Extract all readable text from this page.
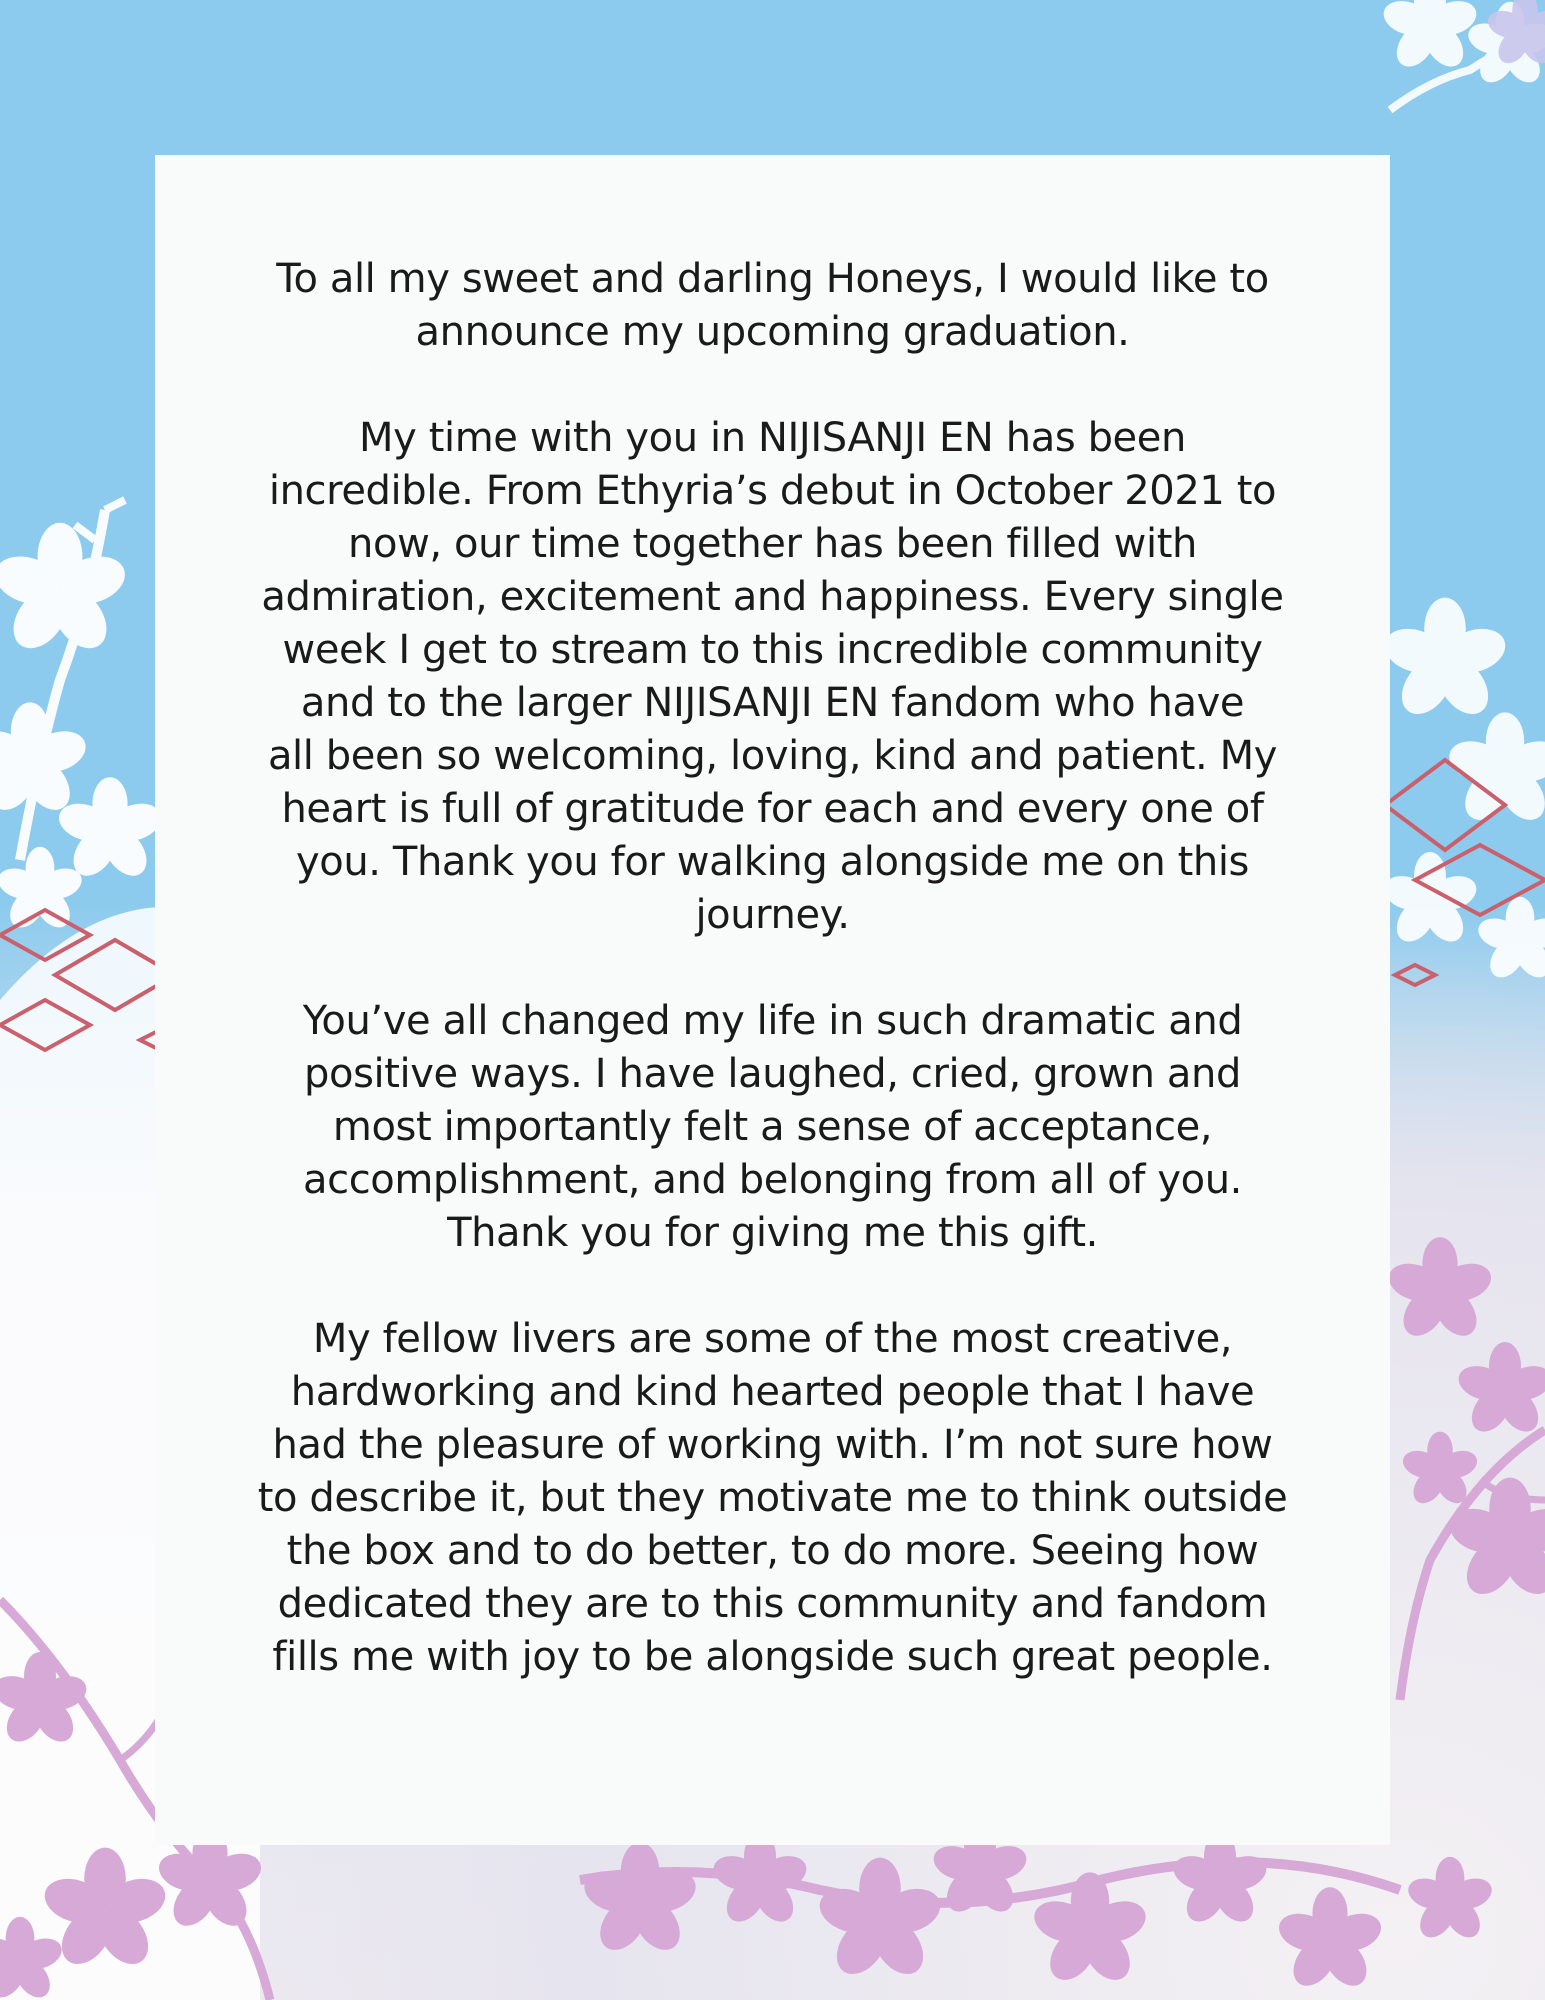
To all my sweet and darling Honeys, I would like to
announce my upcoming graduation.

My time with you in NIJISANJI EN has been
incredible. From Ethyria’s debut in October 2021 to
now, our time together has been filled with
admiration, excitement and happiness. Every single
week I get to stream to this incredible community
and to the larger NIJISANJI EN fandom who have
all been so welcoming, loving, kind and patient. My
heart is full of gratitude for each and every one of
you. Thank you for walking alongside me on this
journey.

You’ve all changed my life in such dramatic and
positive ways. I have laughed, cried, grown and
most importantly felt a sense of acceptance,
accomplishment, and belonging from all of you.
Thank you for giving me this gift.

My fellow livers are some of the most creative,
hardworking and kind hearted people that I have
had the pleasure of working with. I’m not sure how
to describe it, but they motivate me to think outside
the box and to do better, to do more. Seeing how
dedicated they are to this community and fandom
fills me with joy to be alongside such great people.
